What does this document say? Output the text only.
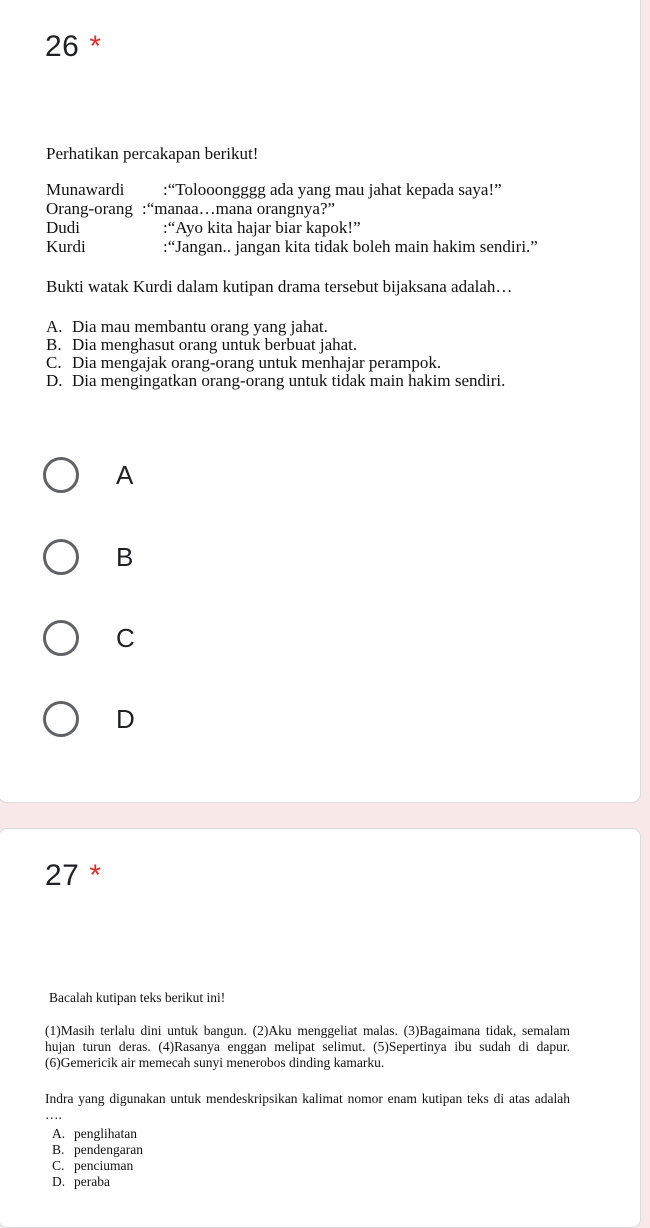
26 *
Perhatikan percakapan berikut!
Munawardi :“Tolooongggg ada yang mau jahat kepada saya!”
Orang-orang :“manaa…mana orangnya?”
Dudi	:“Ayo kita hajar biar kapok!”
Kurdi	:“Jangan.. jangan kita tidak boleh main hakim sendiri.”
Bukti watak Kurdi dalam kutipan drama tersebut bijaksana adalah…
A. Dia mau membantu orang yang jahat.
B. Dia menghasut orang untuk berbuat jahat.
C. Dia mengajak orang-orang untuk menhajar perampok.
D. Dia mengingatkan orang-orang untuk tidak main hakim sendiri.
A
B
C
D
27 *
Bacalah kutipan teks berikut ini!
(1)Masih terlalu dini untuk bangun. (2)Aku menggeliat malas. (3)Bagaimana tidak, semalam hujan turun deras. (4)Rasanya enggan melipat selimut. (5)Sepertinya ibu sudah di dapur. (6)Gemericik air memecah sunyi menerobos dinding kamarku.
Indra yang digunakan untuk mendeskripsikan kalimat nomor enam kutipan teks di atas adalah ….
A. penglihatan
B. pendengaran
C. penciuman
D. peraba
